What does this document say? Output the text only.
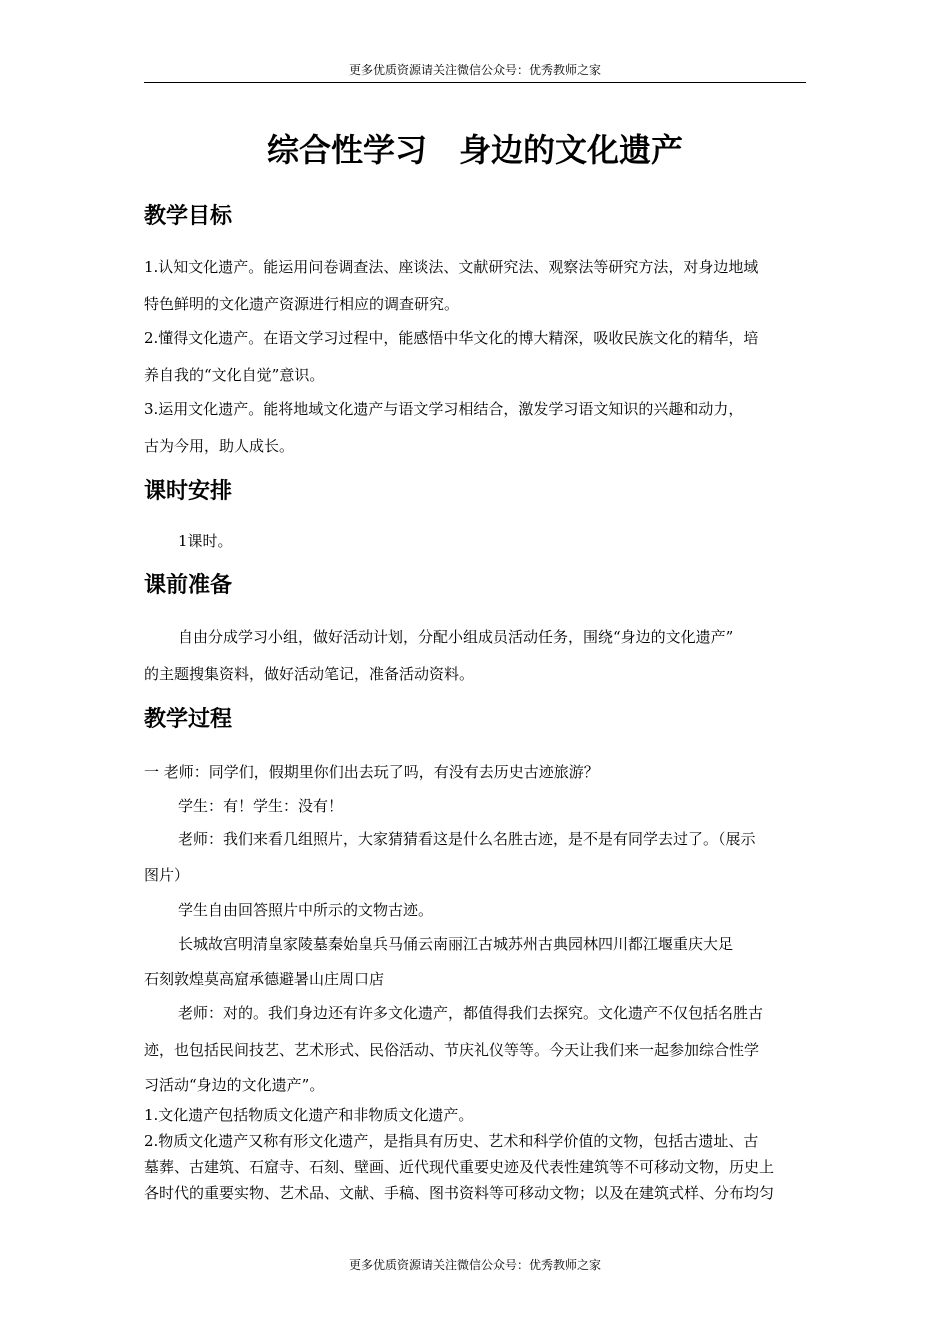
更多优质资源请关注微信公众号：优秀教师之家
综合性学习　身边的文化遗产
教学目标
1.认知文化遗产。能运用问卷调查法、座谈法、文献研究法、观察法等研究方法，对身边地域
特色鲜明的文化遗产资源进行相应的调查研究。
2.懂得文化遗产。在语文学习过程中，能感悟中华文化的博大精深，吸收民族文化的精华，培
养自我的“文化自觉”意识。
3.运用文化遗产。能将地域文化遗产与语文学习相结合，激发学习语文知识的兴趣和动力，
古为今用，助人成长。
课时安排
1课时。
课前准备
自由分成学习小组，做好活动计划，分配小组成员活动任务，围绕“身边的文化遗产”
的主题搜集资料，做好活动笔记，准备活动资料。
教学过程
一 老师：同学们，假期里你们出去玩了吗，有没有去历史古迹旅游？
学生：有！学生：没有！
老师：我们来看几组照片，大家猜猜看这是什么名胜古迹，是不是有同学去过了。（展示
图片）
学生自由回答照片中所示的文物古迹。
长城故宫明清皇家陵墓秦始皇兵马俑云南丽江古城苏州古典园林四川都江堰重庆大足
石刻敦煌莫高窟承德避暑山庄周口店
老师：对的。我们身边还有许多文化遗产，都值得我们去探究。文化遗产不仅包括名胜古
迹，也包括民间技艺、艺术形式、民俗活动、节庆礼仪等等。今天让我们来一起参加综合性学
习活动“身边的文化遗产”。
1.文化遗产包括物质文化遗产和非物质文化遗产。
2.物质文化遗产又称有形文化遗产，是指具有历史、艺术和科学价值的文物，包括古遗址、古
墓葬、古建筑、石窟寺、石刻、壁画、近代现代重要史迹及代表性建筑等不可移动文物，历史上
各时代的重要实物、艺术品、文献、手稿、图书资料等可移动文物；以及在建筑式样、分布均匀
更多优质资源请关注微信公众号：优秀教师之家
